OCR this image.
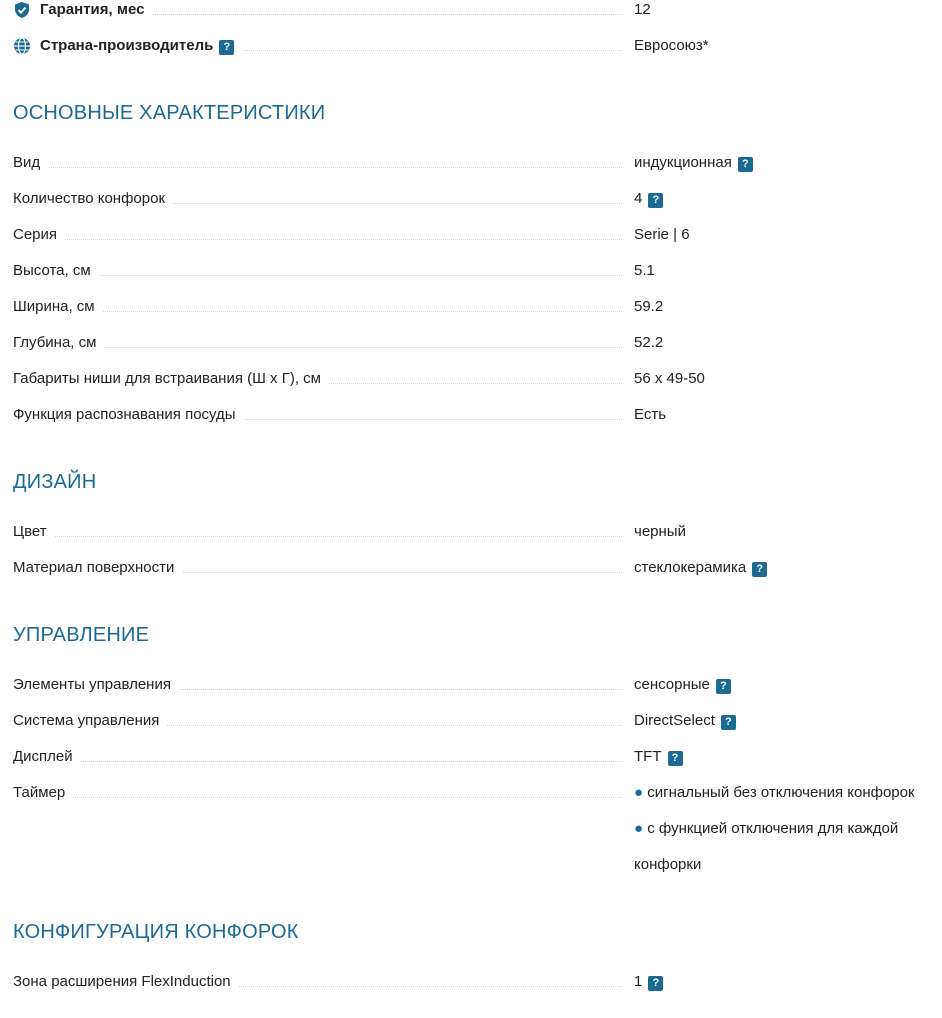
Гарантия, мес	12
Страна-производитель ?	Евросоюз*
ОСНОВНЫЕ ХАРАКТЕРИСТИКИ
Вид	индукционная ?
Количество конфорок	4 ?
Серия	Serie | 6
Высота, см	5.1
Ширина, см	59.2
Глубина, см	52.2
Габариты ниши для встраивания (Ш х Г), см	56 х 49-50
Функция распознавания посуды	Есть
ДИЗАЙН
Цвет	черный
Материал поверхности	стеклокерамика ?
УПРАВЛЕНИЕ
Элементы управления	сенсорные ?
Система управления	DirectSelect ?
Дисплей	TFT ?
Таймер	● сигнальный без отключения конфорок
● с функцией отключения для каждой конфорки
КОНФИГУРАЦИЯ КОНФОРОК
Зона расширения FlexInduction	1 ?
